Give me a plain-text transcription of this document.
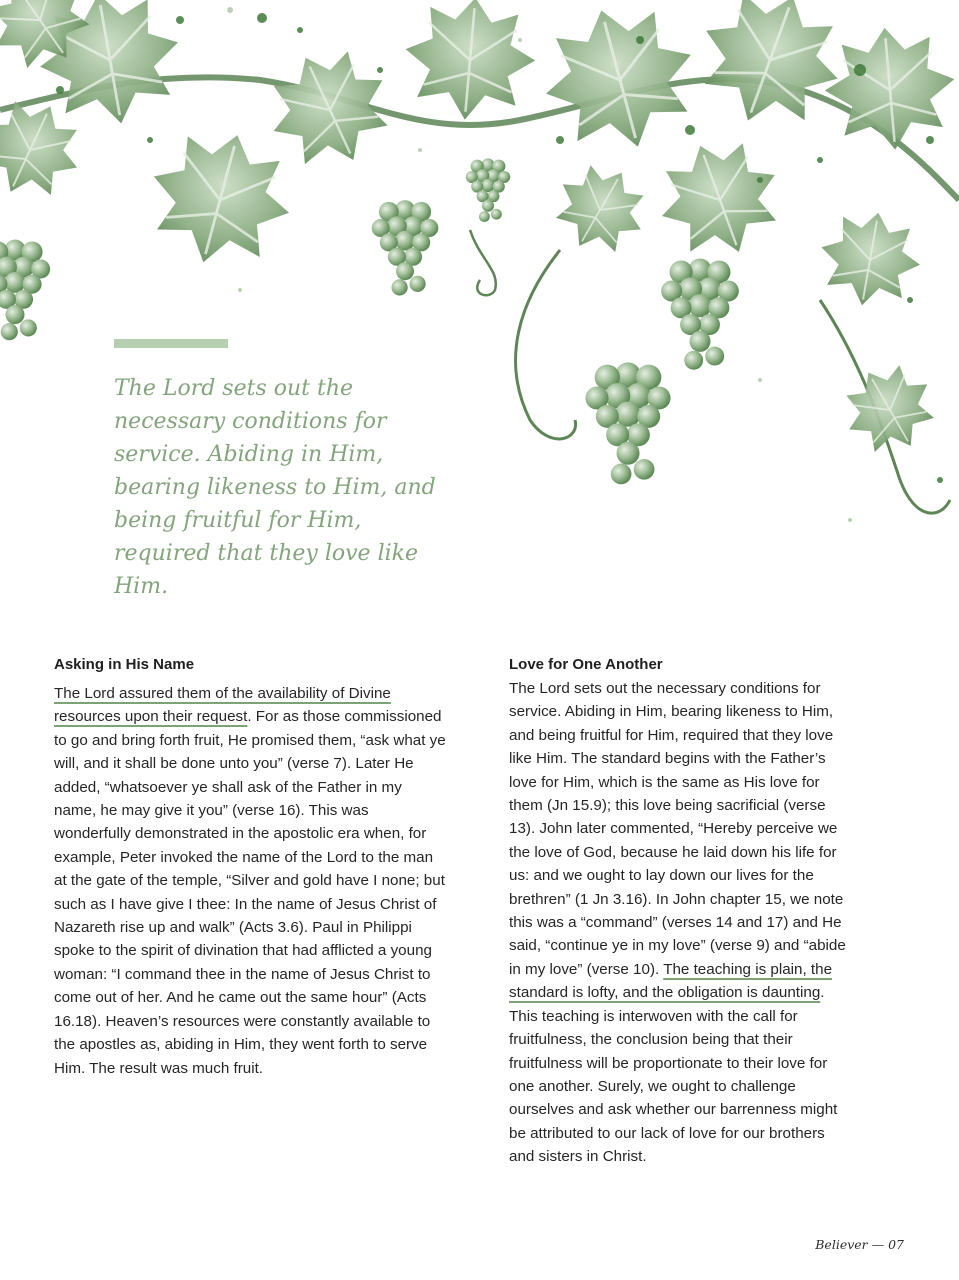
The Lord sets out the necessary conditions for service. Abiding in Him, bearing likeness to Him, and being fruitful for Him, required that they love like Him.

Asking in His Name

The Lord assured them of the availability of Divine resources upon their request. For as those commissioned to go and bring forth fruit, He promised them, “ask what ye will, and it shall be done unto you” (verse 7). Later He added, “whatsoever ye shall ask of the Father in my name, he may give it you” (verse 16). This was wonderfully demonstrated in the apostolic era when, for example, Peter invoked the name of the Lord to the man at the gate of the temple, “Silver and gold have I none; but such as I have give I thee: In the name of Jesus Christ of Nazareth rise up and walk” (Acts 3.6). Paul in Philippi spoke to the spirit of divination that had afflicted a young woman: “I command thee in the name of Jesus Christ to come out of her. And he came out the same hour” (Acts 16.18). Heaven’s resources were constantly available to the apostles as, abiding in Him, they went forth to serve Him. The result was much fruit.

Love for One Another

The Lord sets out the necessary conditions for service. Abiding in Him, bearing likeness to Him, and being fruitful for Him, required that they love like Him. The standard begins with the Father’s love for Him, which is the same as His love for them (Jn 15.9); this love being sacrificial (verse 13). John later commented, “Hereby perceive we the love of God, because he laid down his life for us: and we ought to lay down our lives for the brethren” (1 Jn 3.16). In John chapter 15, we note this was a “command” (verses 14 and 17) and He said, “continue ye in my love” (verse 9) and “abide in my love” (verse 10). The teaching is plain, the standard is lofty, and the obligation is daunting. This teaching is interwoven with the call for fruitfulness, the conclusion being that their fruitfulness will be proportionate to their love for one another. Surely, we ought to challenge ourselves and ask whether our barrenness might be attributed to our lack of love for our brothers and sisters in Christ.

Believer — 07
